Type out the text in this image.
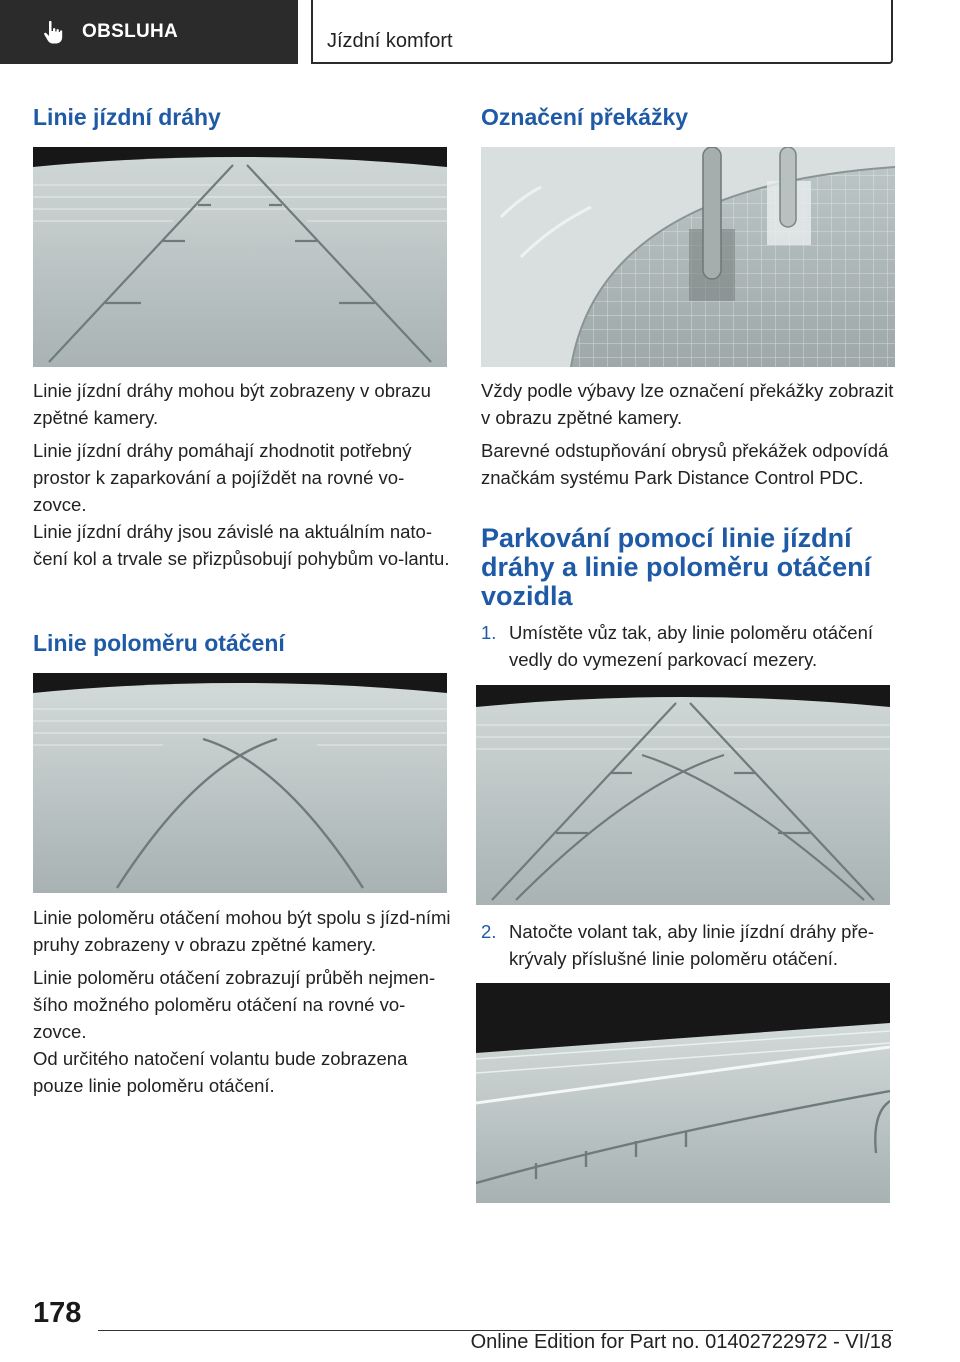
OBSLUHA	Jízdní komfort
Linie jízdní dráhy

Linie jízdní dráhy mohou být zobrazeny v obrazu zpětné kamery.

Linie jízdní dráhy pomáhají zhodnotit potřebný prostor k zaparkování a pojíždět na rovné vo‐zovce.

Linie jízdní dráhy jsou závislé na aktuálním nato‐čení kol a trvale se přizpůsobují pohybům vo‐lantu.

Linie poloměru otáčení

Linie poloměru otáčení mohou být spolu s jízd‐ními pruhy zobrazeny v obrazu zpětné kamery.

Linie poloměru otáčení zobrazují průběh nejmen‐šího možného poloměru otáčení na rovné vo‐zovce.

Od určitého natočení volantu bude zobrazena pouze linie poloměru otáčení.

Označení překážky

Vždy podle výbavy lze označení překážky zobrazit v obrazu zpětné kamery.

Barevné odstupňování obrysů překážek odpovídá značkám systému Park Distance Control PDC.

Parkování pomocí linie jízdní dráhy a linie poloměru otáčení vozidla
1. Umístěte vůz tak, aby linie poloměru otáčení vedly do vymezení parkovací mezery.
2. Natočte volant tak, aby linie jízdní dráhy pře‐krývaly příslušné linie poloměru otáčení.
178
Online Edition for Part no. 01402722972 - VI/18
